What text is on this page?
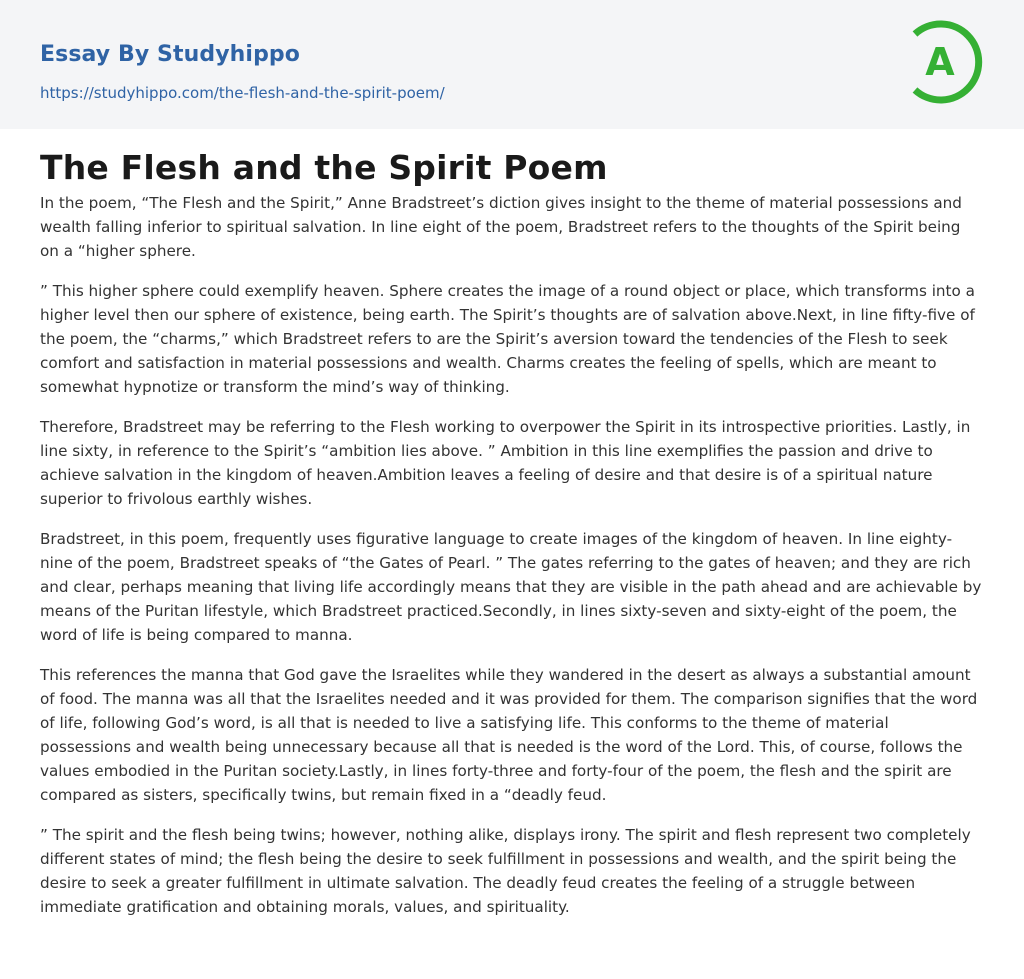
Essay By Studyhippo
https://studyhippo.com/the-flesh-and-the-spirit-poem/
A
The Flesh and the Spirit Poem

In the poem, “The Flesh and the Spirit,” Anne Bradstreet’s diction gives insight to the theme of material possessions and wealth falling inferior to spiritual salvation. In line eight of the poem, Bradstreet refers to the thoughts of the Spirit being on a “higher sphere.

” This higher sphere could exemplify heaven. Sphere creates the image of a round object or place, which transforms into a higher level then our sphere of existence, being earth. The Spirit’s thoughts are of salvation above.Next, in line fifty-five of the poem, the “charms,” which Bradstreet refers to are the Spirit’s aversion toward the tendencies of the Flesh to seek comfort and satisfaction in material possessions and wealth. Charms creates the feeling of spells, which are meant to somewhat hypnotize or transform the mind’s way of thinking.

Therefore, Bradstreet may be referring to the Flesh working to overpower the Spirit in its introspective priorities. Lastly, in line sixty, in reference to the Spirit’s “ambition lies above. ” Ambition in this line exemplifies the passion and drive to achieve salvation in the kingdom of heaven.Ambition leaves a feeling of desire and that desire is of a spiritual nature superior to frivolous earthly wishes.

Bradstreet, in this poem, frequently uses figurative language to create images of the kingdom of heaven. In line eighty-nine of the poem, Bradstreet speaks of “the Gates of Pearl. ” The gates referring to the gates of heaven; and they are rich and clear, perhaps meaning that living life accordingly means that they are visible in the path ahead and are achievable by means of the Puritan lifestyle, which Bradstreet practiced.Secondly, in lines sixty-seven and sixty-eight of the poem, the word of life is being compared to manna.

This references the manna that God gave the Israelites while they wandered in the desert as always a substantial amount of food. The manna was all that the Israelites needed and it was provided for them. The comparison signifies that the word of life, following God’s word, is all that is needed to live a satisfying life. This conforms to the theme of material possessions and wealth being unnecessary because all that is needed is the word of the Lord. This, of course, follows the values embodied in the Puritan society.Lastly, in lines forty-three and forty-four of the poem, the flesh and the spirit are compared as sisters, specifically twins, but remain fixed in a “deadly feud.

” The spirit and the flesh being twins; however, nothing alike, displays irony. The spirit and flesh represent two completely different states of mind; the flesh being the desire to seek fulfillment in possessions and wealth, and the spirit being the desire to seek a greater fulfillment in ultimate salvation. The deadly feud creates the feeling of a struggle between immediate gratification and obtaining morals, values, and spirituality.
